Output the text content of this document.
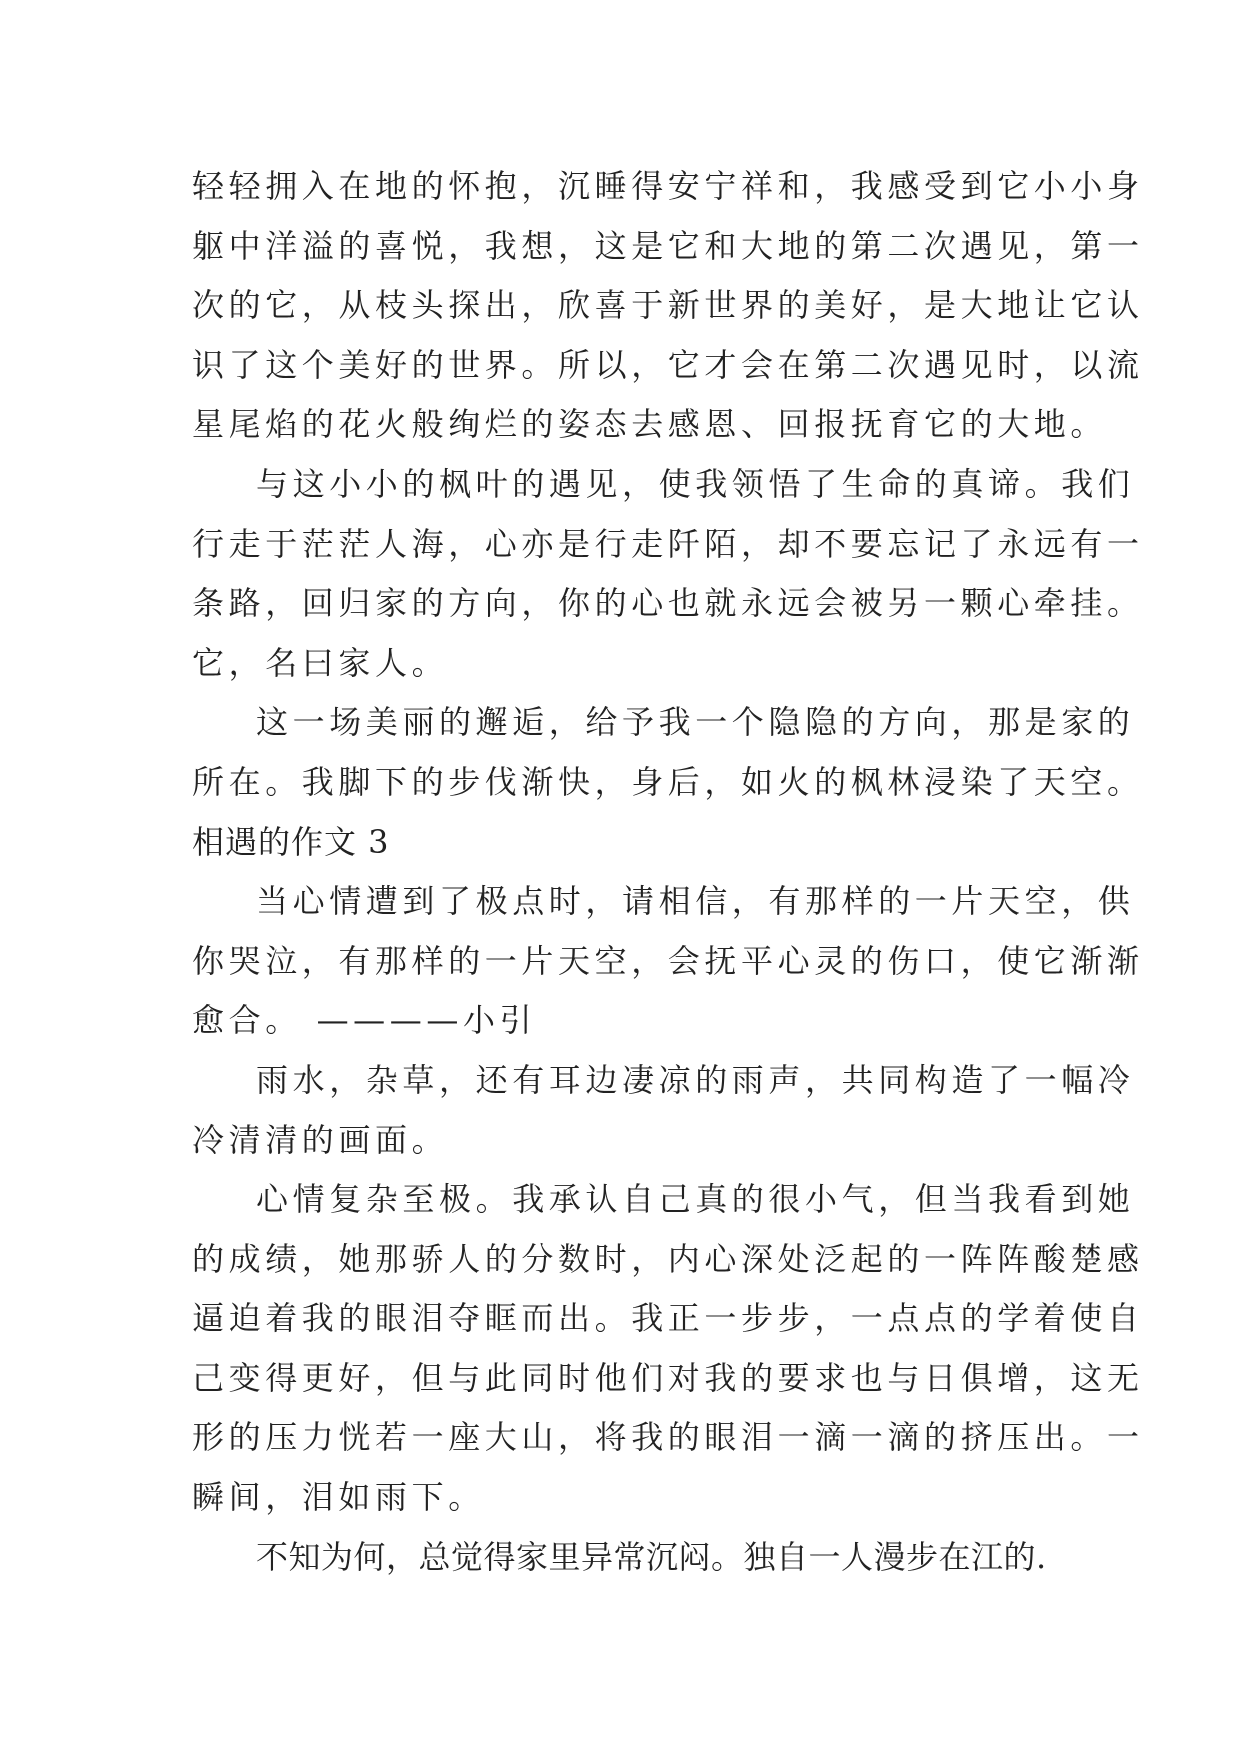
轻轻拥入在地的怀抱，沉睡得安宁祥和，我感受到它小小身
躯中洋溢的喜悦，我想，这是它和大地的第二次遇见，第一
次的它，从枝头探出，欣喜于新世界的美好，是大地让它认
识了这个美好的世界。所以，它才会在第二次遇见时，以流
星尾焰的花火般绚烂的姿态去感恩、回报抚育它的大地。
与这小小的枫叶的遇见，使我领悟了生命的真谛。我们
行走于茫茫人海，心亦是行走阡陌，却不要忘记了永远有一
条路，回归家的方向，你的心也就永远会被另一颗心牵挂。
它，名曰家人。
这一场美丽的邂逅，给予我一个隐隐的方向，那是家的
所在。我脚下的步伐渐快，身后，如火的枫林浸染了天空。
相遇的作文 3
当心情遭到了极点时，请相信，有那样的一片天空，供
你哭泣，有那样的一片天空，会抚平心灵的伤口，使它渐渐
愈合。 ————小引
雨水，杂草，还有耳边凄凉的雨声，共同构造了一幅冷
冷清清的画面。
心情复杂至极。我承认自己真的很小气，但当我看到她
的成绩，她那骄人的分数时，内心深处泛起的一阵阵酸楚感
逼迫着我的眼泪夺眶而出。我正一步步，一点点的学着使自
己变得更好，但与此同时他们对我的要求也与日俱增，这无
形的压力恍若一座大山，将我的眼泪一滴一滴的挤压出。一
瞬间，泪如雨下。
不知为何，总觉得家里异常沉闷。独自一人漫步在江的.
